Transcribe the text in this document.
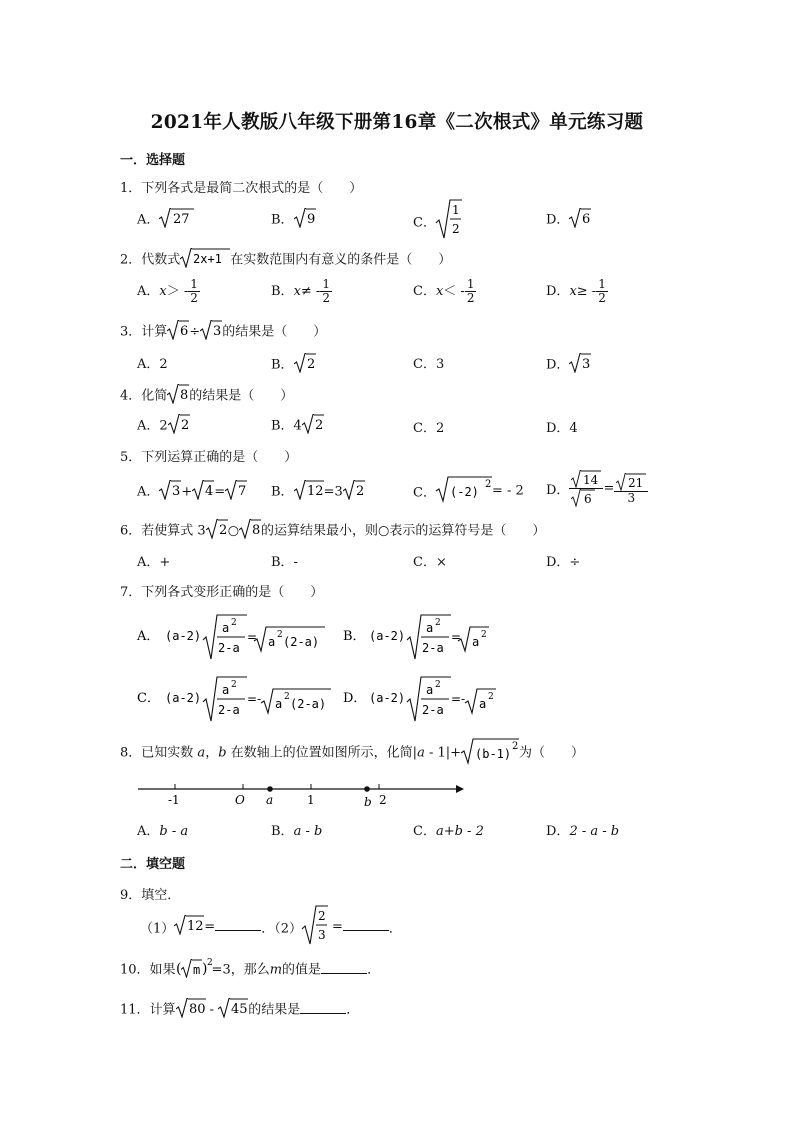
2021年人教版八年级下册第16章《二次根式》单元练习题
一．选择题
1．下列各式是最简二次根式的是（　　）
A． 27	B． 9	C．
1
2
D． 6
2．代数式 2x+1 在实数范围内有意义的条件是（　　）
A．$x> - \frac{1}{2}$	B．$x\ne - \frac{1}{2}$	C．$x< - \frac{1}{2}$	D．$x\ge - \frac{1}{2}$
3．计算 6 ÷ 3 的结果是（　　）
A．2	B． 2	C．3	D． 3
4．化简 8 的结果是（　　）
A．2 2	B．4 2	C．2	D．4
5．下列运算正确的是（　　）
A． 3 + 4 = 7 B． 12 =3 2	C． (-2)
2 = - 2 D． $\frac{14}{6} = \frac{21}{3}$
6．若使算式 3 2 ○ 8 的运算结果最小，则○表示的运算符号是（　　）
A．+	B．-	C．×	D．÷
7．下列各式变形正确的是（　　）
A． (a-2)
a 2
2-a
= a 2 (2-a) B． (a-2)
a 2
2-a
= a 2
C． (a-2)
a 2
2-a
=- a 2 (2-a) D． (a-2)
a 2
2-a
=- a 2
8．已知实数 a，b 在数轴上的位置如图所示，化简|a - 1|+ (b-1)
2 为（　　）
-1	O a	1	b 2
A．b - a	B．a - b	C．a+b - 2	D．2 - a - b
二．填空题
9．填空．
（1） 12 =	．（2）
2
3
=	．
10．如果 ( m ) 2 =3，那么m的值是	．
11．计算 80 - 45 的结果是	．
